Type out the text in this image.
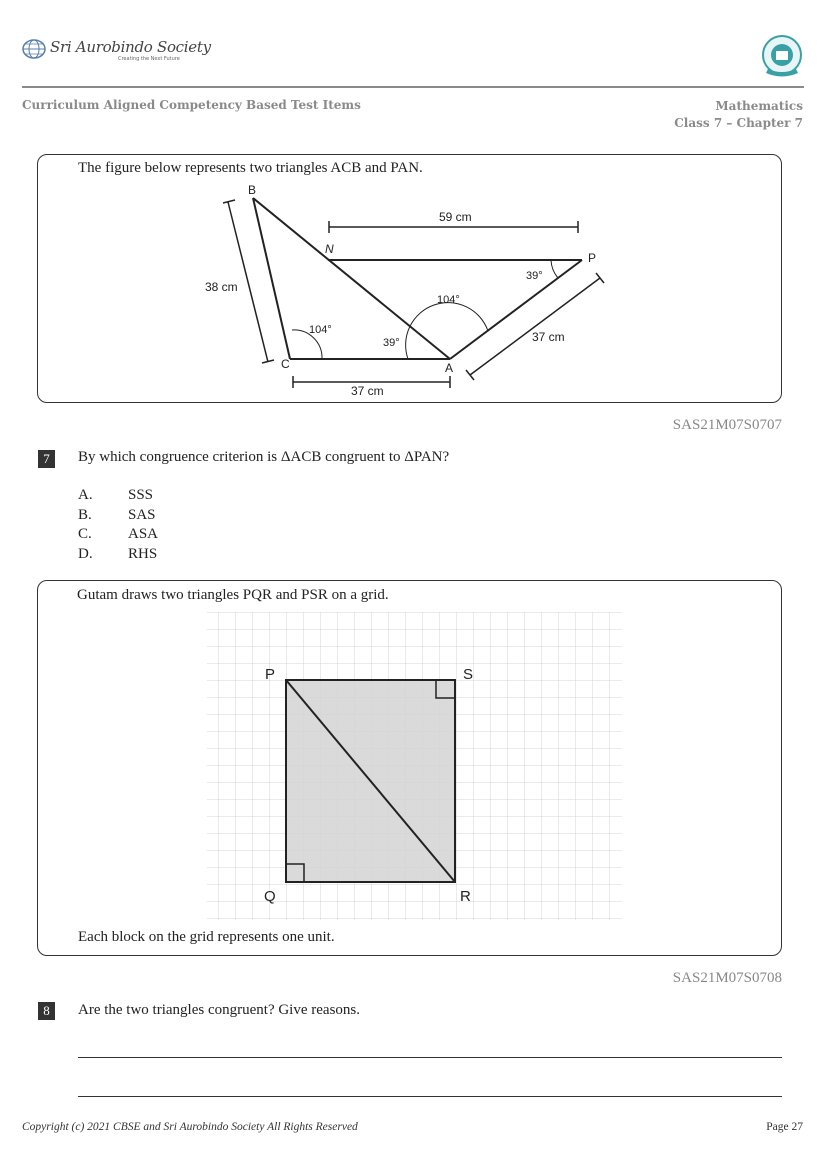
Sri Aurobindo Society
Creating the Next Future
Curriculum Aligned Competency Based Test Items	Mathematics
Class 7 – Chapter 7
The figure below represents two triangles ACB and PAN.
B
N
P
C	A
59 cm
38 cm
37 cm
37 cm
104°
39°
104°
39°
SAS21M07S0707
7	By which congruence criterion is ΔACB congruent to ΔPAN?
A. SSS
B. SAS
C. ASA
D. RHS
Gutam draws two triangles PQR and PSR on a grid.
P	S
Q	R
Each block on the grid represents one unit.
SAS21M07S0708
8	Are the two triangles congruent? Give reasons.
Copyright (c) 2021 CBSE and Sri Aurobindo Society All Rights Reserved	Page 27
